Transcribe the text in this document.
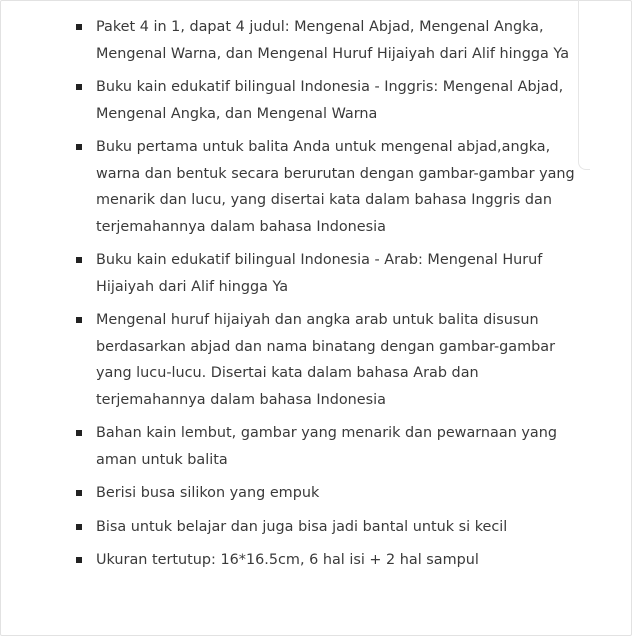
Paket 4 in 1, dapat 4 judul: Mengenal Abjad, Mengenal Angka, Mengenal Warna, dan Mengenal Huruf Hijaiyah dari Alif hingga Ya
Buku kain edukatif bilingual Indonesia - Inggris: Mengenal Abjad, Mengenal Angka, dan Mengenal Warna
Buku pertama untuk balita Anda untuk mengenal abjad,angka, warna dan bentuk secara berurutan dengan gambar-gambar yang menarik dan lucu, yang disertai kata dalam bahasa Inggris dan terjemahannya dalam bahasa Indonesia
Buku kain edukatif bilingual Indonesia - Arab: Mengenal Huruf Hijaiyah dari Alif hingga Ya
Mengenal huruf hijaiyah dan angka arab untuk balita disusun berdasarkan abjad dan nama binatang dengan gambar-gambar yang lucu-lucu. Disertai kata dalam bahasa Arab dan terjemahannya dalam bahasa Indonesia
Bahan kain lembut, gambar yang menarik dan pewarnaan yang aman untuk balita
Berisi busa silikon yang empuk
Bisa untuk belajar dan juga bisa jadi bantal untuk si kecil
Ukuran tertutup: 16*16.5cm, 6 hal isi + 2 hal sampul
